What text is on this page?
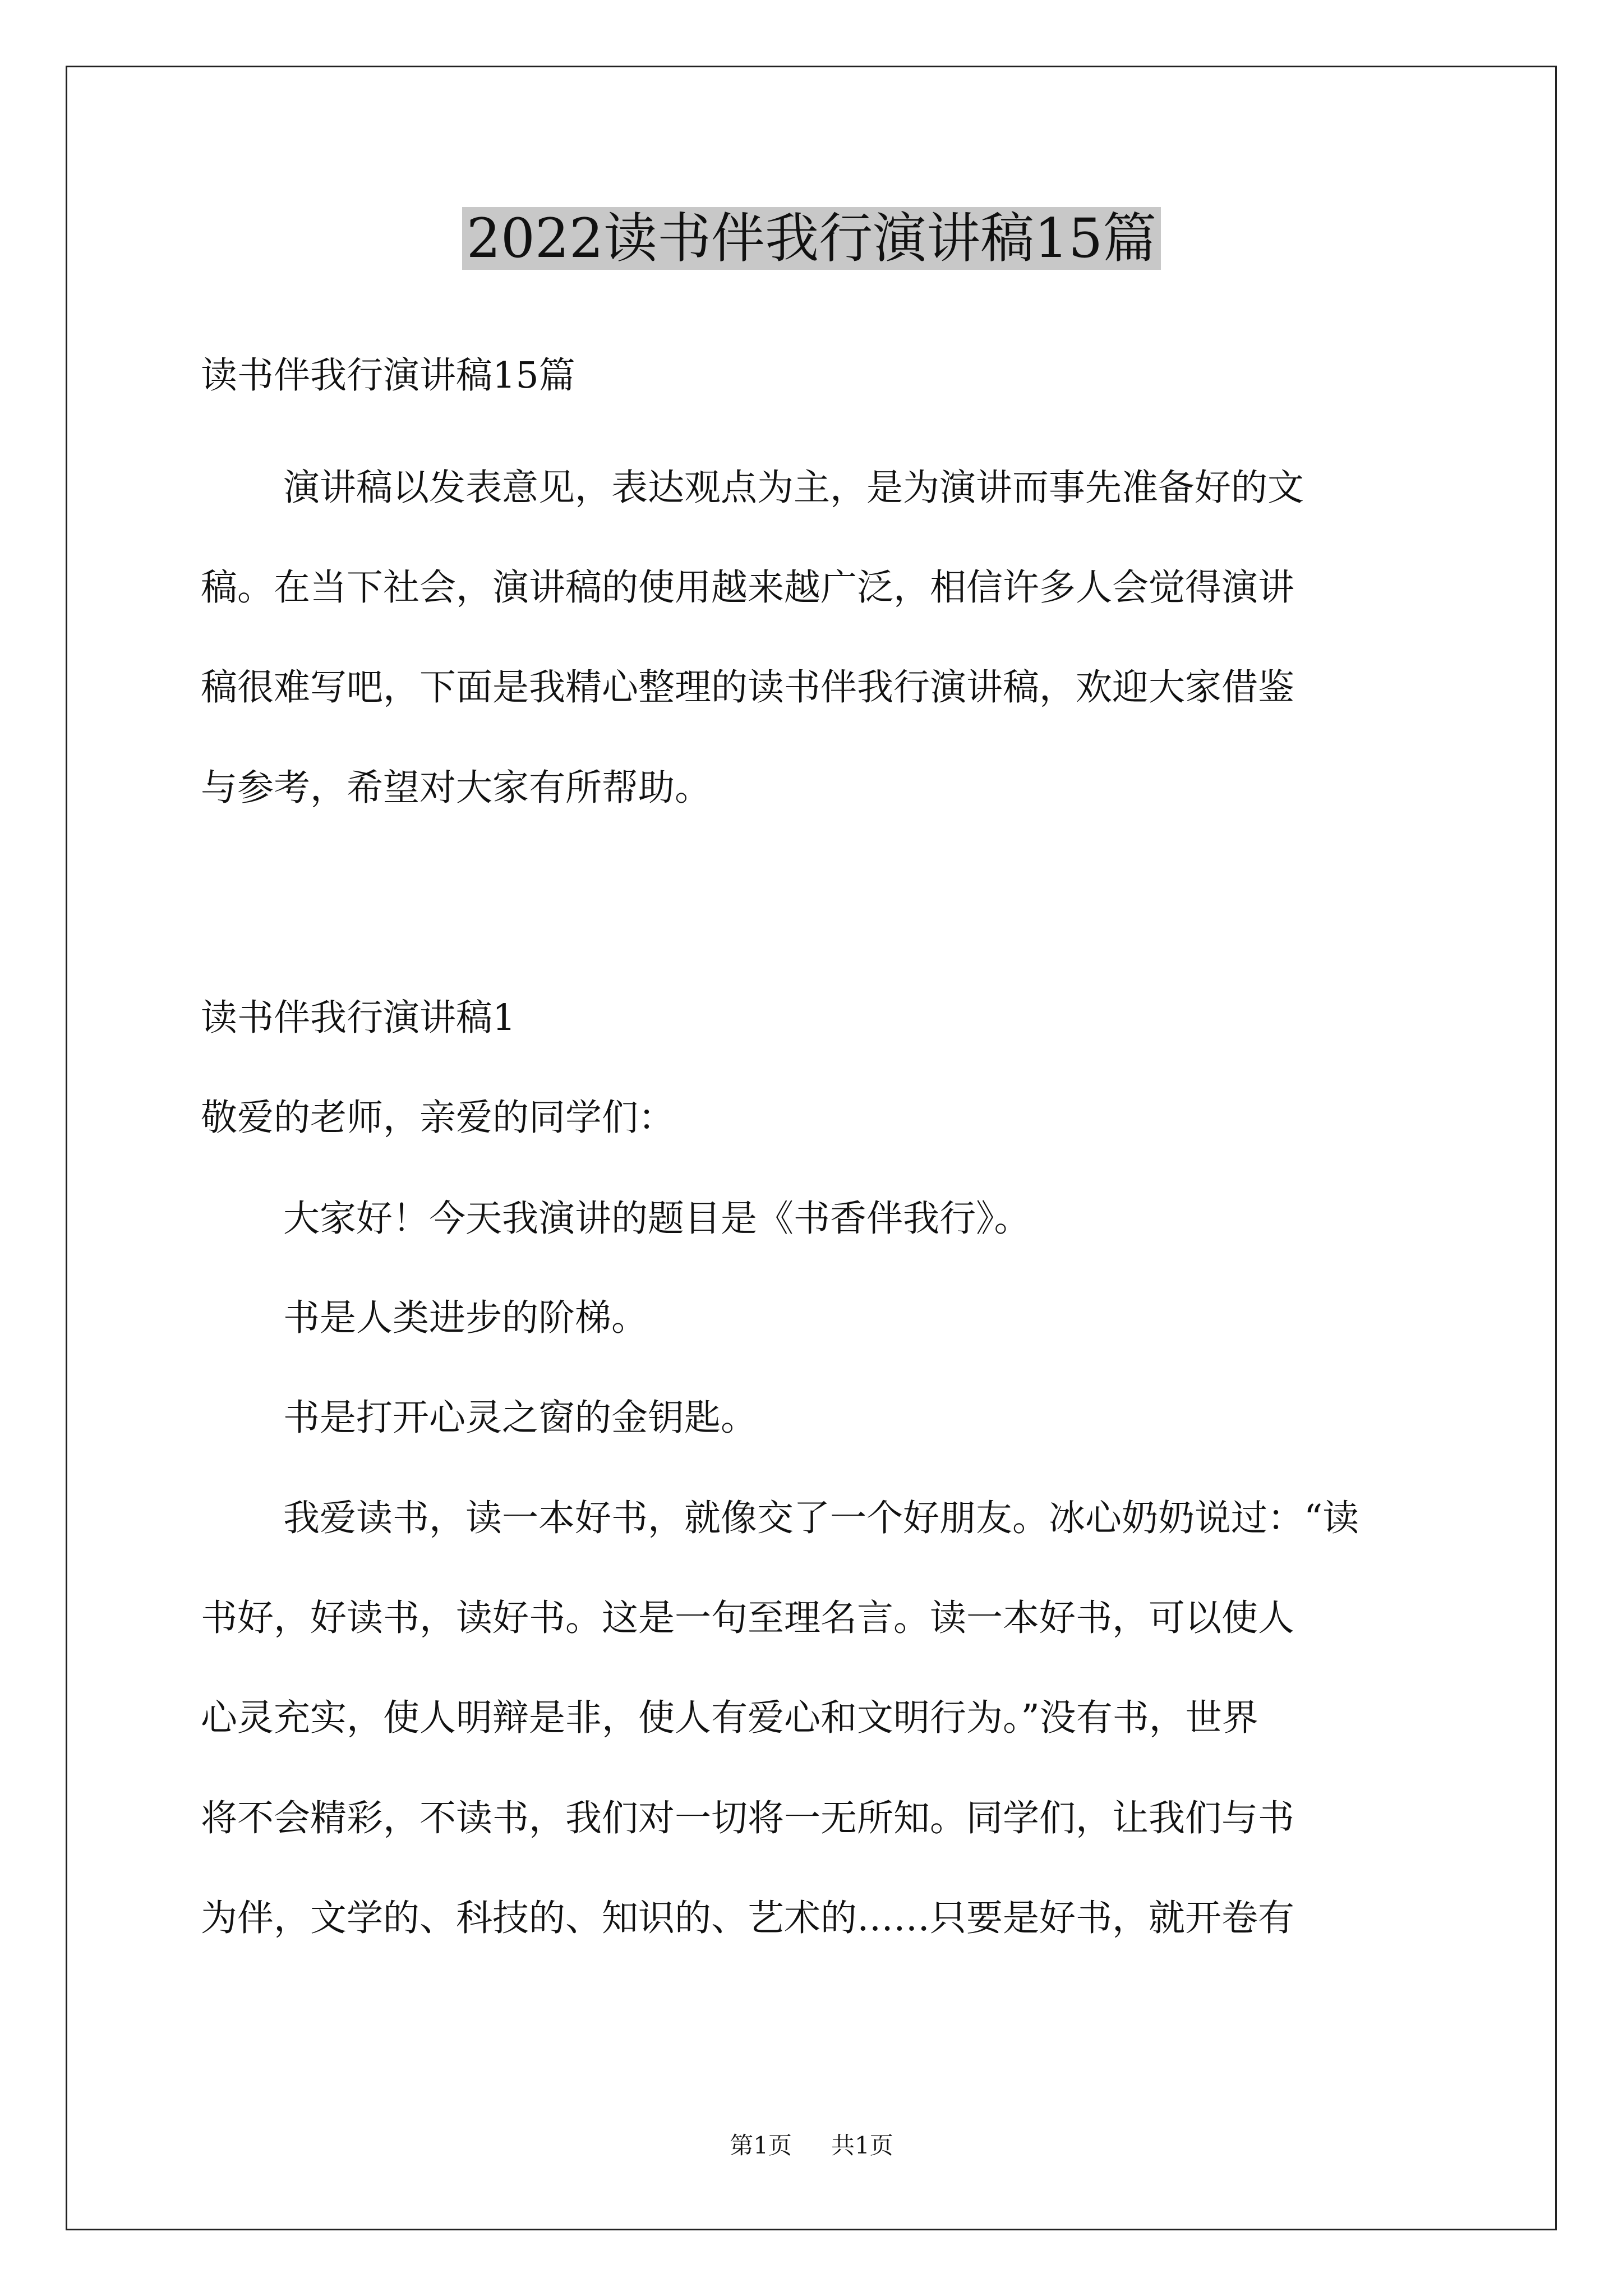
2022读书伴我行演讲稿15篇
读书伴我行演讲稿15篇
演讲稿以发表意见，表达观点为主，是为演讲而事先准备好的文
稿。在当下社会，演讲稿的使用越来越广泛，相信许多人会觉得演讲
稿很难写吧，下面是我精心整理的读书伴我行演讲稿，欢迎大家借鉴
与参考，希望对大家有所帮助。
读书伴我行演讲稿1
敬爱的老师，亲爱的同学们：
大家好！今天我演讲的题目是《书香伴我行》。
书是人类进步的阶梯。
书是打开心灵之窗的金钥匙。
我爱读书，读一本好书，就像交了一个好朋友。冰心奶奶说过：“读
书好，好读书，读好书。这是一句至理名言。读一本好书，可以使人
心灵充实，使人明辩是非，使人有爱心和文明行为。”没有书，世界
将不会精彩，不读书，我们对一切将一无所知。同学们，让我们与书
为伴，文学的、科技的、知识的、艺术的……只要是好书，就开卷有
第1页 共1页
